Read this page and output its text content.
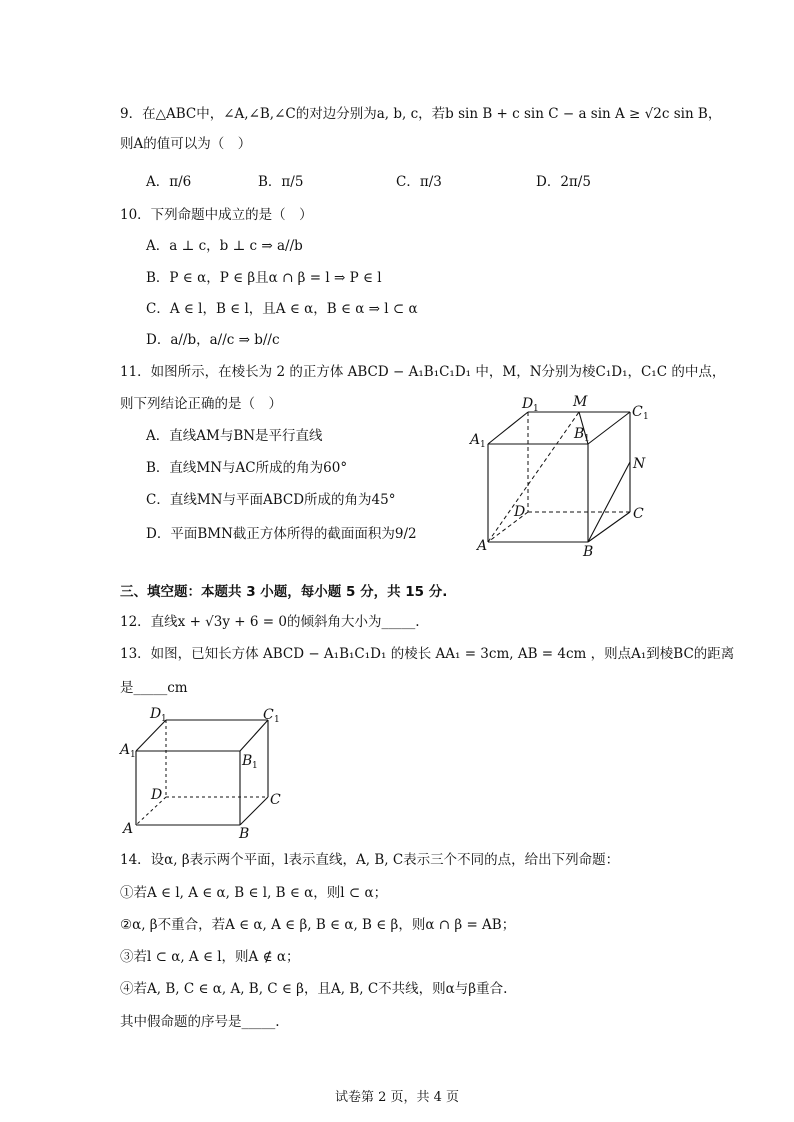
9．在△ABC中，∠A,∠B,∠C的对边分别为a, b, c，若b sin B + c sin C − a sin A ≥ √2c sin B，
则A的值可以为（　）
A．π/6	B．π/5	C．π/3	D．2π/5
10．下列命题中成立的是（　）
A．a ⊥ c，b ⊥ c ⇒ a//b
B．P ∈ α，P ∈ β且α ∩ β = l ⇒ P ∈ l
C．A ∈ l，B ∈ l，且A ∈ α，B ∈ α ⇒ l ⊂ α
D．a//b，a//c ⇒ b//c
11．如图所示，在棱长为 2 的正方体 ABCD − A₁B₁C₁D₁ 中，M，N分别为棱C₁D₁，C₁C 的中点，
则下列结论正确的是（　）
A．直线AM与BN是平行直线
B．直线MN与AC所成的角为60°
C．直线MN与平面ABCD所成的角为45°
D．平面BMN截正方体所得的截面面积为9/2
D 1 M
C 1
A 1
B 1
N
D	C
A	B
三、填空题：本题共 3 小题，每小题 5 分，共 15 分.
12．直线x + √3y + 6 = 0的倾斜角大小为_____.
13．如图，已知长方体 ABCD − A₁B₁C₁D₁ 的棱长 AA₁ = 3cm, AB = 4cm ，则点A₁到棱BC的距离
是_____cm
D 1	C 1
A 1	B 1
D	C
A	B
14．设α, β表示两个平面，l表示直线，A, B, C表示三个不同的点，给出下列命题：
①若A ∈ l, A ∈ α, B ∈ l, B ∈ α，则l ⊂ α；
②α, β不重合，若A ∈ α, A ∈ β, B ∈ α, B ∈ β，则α ∩ β = AB；
③若l ⊂ α, A ∈ l，则A ∉ α；
④若A, B, C ∈ α, A, B, C ∈ β，且A, B, C不共线，则α与β重合.
其中假命题的序号是_____.
试卷第 2 页，共 4 页
